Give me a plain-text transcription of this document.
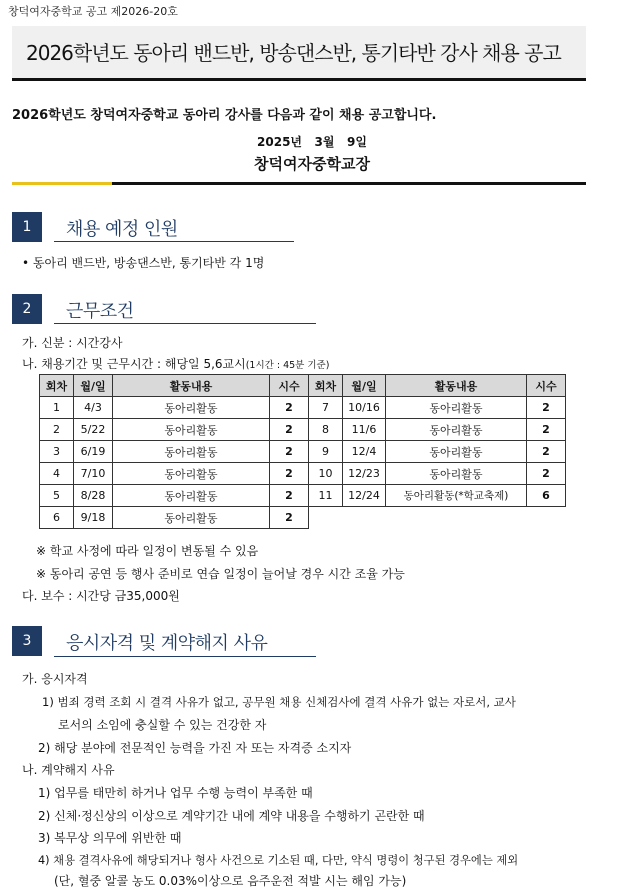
창덕여자중학교 공고 제2026-20호
2026학년도 동아리 밴드반, 방송댄스반, 통기타반 강사 채용 공고
2026학년도 창덕여자중학교 동아리 강사를 다음과 같이 채용 공고합니다.
2025년   3월   9일
창덕여자중학교장
1	채용 예정 인원
• 동아리 밴드반, 방송댄스반, 통기타반 각 1명
2	근무조건
가. 신분 : 시간강사
나. 채용기간 및 근무시간 : 해당일 5,6교시(1시간 : 45분 기준)
회차	월/일	활동내용	시수	회차	월/일	활동내용	시수
1	4/3	동아리활동	2	7	10/16	동아리활동	2
2	5/22	동아리활동	2	8	11/6	동아리활동	2
3	6/19	동아리활동	2	9	12/4	동아리활동	2
4	7/10	동아리활동	2	10	12/23	동아리활동	2
5	8/28	동아리활동	2	11	12/24	동아리활동(*학교축제)	6
6	9/18	동아리활동	2				
※ 학교 사정에 따라 일정이 변동될 수 있음
※ 동아리 공연 등 행사 준비로 연습 일정이 늘어날 경우 시간 조율 가능
다. 보수 : 시간당 금35,000원
3	응시자격 및 계약해지 사유
가. 응시자격
1) 범죄 경력 조회 시 결격 사유가 없고, 공무원 채용 신체검사에 결격 사유가 없는 자로서, 교사
로서의 소임에 충실할 수 있는 건강한 자
2) 해당 분야에 전문적인 능력을 가진 자 또는 자격증 소지자
나. 계약해지 사유
1) 업무를 태만히 하거나 업무 수행 능력이 부족한 때
2) 신체·정신상의 이상으로 계약기간 내에 계약 내용을 수행하기 곤란한 때
3) 복무상 의무에 위반한 때
4) 채용 결격사유에 해당되거나 형사 사건으로 기소된 때, 다만, 약식 명령이 청구된 경우에는 제외
(단, 혈중 알콜 농도 0.03%이상으로 음주운전 적발 시는 해임 가능)
